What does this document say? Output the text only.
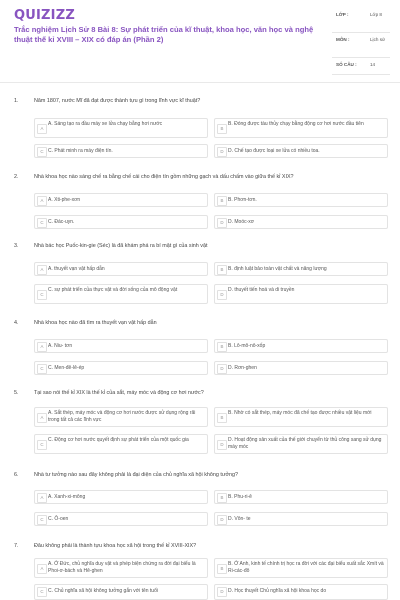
QUIZIZZ
Trắc nghiệm Lịch Sử 8 Bài 8: Sự phát triển của kĩ thuật, khoa học, văn học và nghệ thuật thế kỉ XVIII – XIX có đáp án (Phần 2)
LỚP :	Lớp 8
MÔN :	Lịch sử
SỐ CÂU :	14
1.	Năm 1807, nước Mĩ đã đạt được thành tựu gì trong lĩnh vực kĩ thuật?
A
A. Sáng tạo ra đầu máy xe lửa chạy bằng hơi nước
B
B. Đóng được tàu thủy chạy bằng động cơ hơi nước đầu tiên
C C. Phát minh ra máy điện tín.	D D. Chế tạo được loại xe lửa có nhiều toa.
2.	Nhà khoa học nào sáng chế ra bằng chế cái cho điện tín gồm những gạch và dấu chấm vào giữa thế kỉ XIX?
A A. Xti-phe-xơn	B B. Phơn-tơn.
C C. Đác-uyn.	D D. Moóc-xơ
3.	Nhà bác học Puốc-kin-gie (Séc) là đã khám phá ra bí mật gì của sinh vật
A A. thuyết vạn vật hấp dẫn	B B. định luật bảo toàn vật chất và năng lượng
C
C. sự phát triển của thực vật và đời sống của mô động vật
D
D. thuyết tiến hoá và di truyền
4.	Nhà khoa học nào đã tìm ra thuyết vạn vật hấp dẫn
A A. Niu- tơn	B B. Lô-mô-nô-xốp
C C. Men-đê-lê-ép	D D. Rơn-ghen
5.	Tại sao nói thế kỉ XIX là thế kỉ của sắt, máy móc và động cơ hơi nước?
A
A. Sắt thép, máy móc và động cơ hơi nước được sử dụng rộng rãi trong tất cả các lĩnh vực	B
B. Nhờ có sắt thép, máy móc đã chế tạo được nhiều vật liệu mới
C
C. Động cơ hơi nước quyết định sự phát triển của một quốc gia
D
D. Hoạt động sản xuất của thế giới chuyển từ thủ công sang sử dụng máy móc
6.	Nhà tư tưởng nào sau đây không phải là đại diện của chủ nghĩa xã hội không tưởng?
A A. Xanh-xi-mông	B B. Phu-ri-ê
C C. Ô-oen	D D. Vôn- te
7.	Đâu không phải là thành tựu khoa học xã hội trong thế kỉ XVIII-XIX?
A
A. Ở Đức, chủ nghĩa duy vật và phép biện chứng ra đời đại biểu là Phoi-ơ-bách và Hê-ghen	B
B. Ở Anh, kinh tế chính trị học ra đời với các đại biểu xuất sắc Xmít và Ri-các-đô
C C. Chủ nghĩa xã hội không tưởng gắn với tên tuổi	D D. Học thuyết Chủ nghĩa xã hội khoa học do
